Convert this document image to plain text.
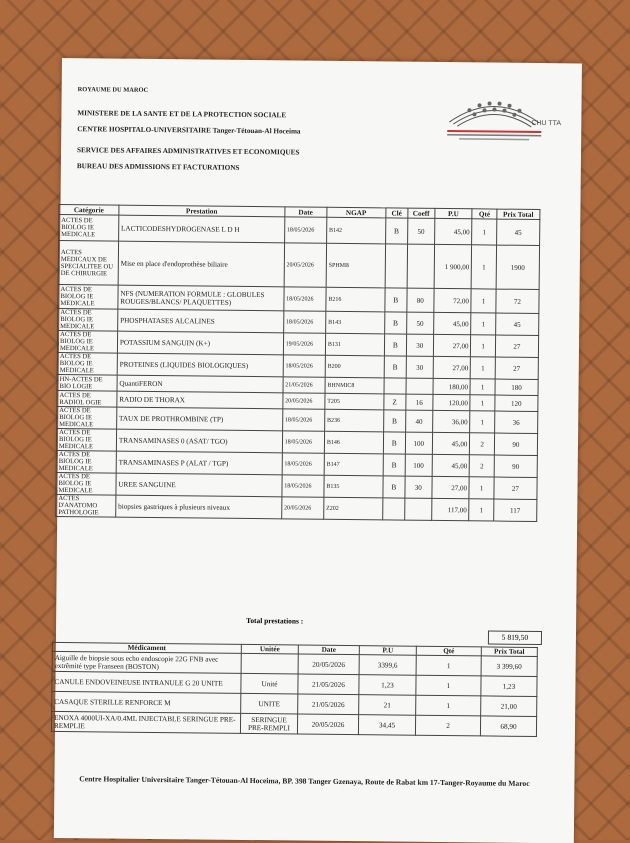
ROYAUME DU MAROC
MINISTERE DE LA SANTE ET DE LA PROTECTION SOCIALE
CENTRE HOSPITALO-UNIVERSITAIRE Tanger-Tétouan-Al Hoceima
SERVICE DES AFFAIRES ADMINISTRATIVES ET ECONOMIQUES
BUREAU DES ADMISSIONS ET FACTURATIONS
CHU TTA
Catégorie	Prestation	Date	NGAP	Clé	Coeff	P.U	Qté	Prix Total
ACTES DE BIOLOG IE MEDICALE	LACTICODESHYDROGENASE L D H	18/05/2026	B142	B	50	45,00	1	45
ACTES MEDICAUX DE SPECIALITEE OU DE CHIRURGIE	Mise en place d'endoprothèse biliaire	20/05/2026	SPHMB			1 900,00	1	1900
ACTES DE BIOLOG IE MEDICALE	NFS (NUMERATION FORMULE : GLOBULES ROUGES/BLANCS/ PLAQUETTES)	18/05/2026	B216	B	80	72,00	1	72
ACTES DE BIOLOG IE MEDICALE	PHOSPHATASES ALCALINES	18/05/2026	B143	B	50	45,00	1	45
ACTES DE BIOLOG IE MEDICALE	POTASSIUM SANGUIN (K+)	19/05/2026	B131	B	30	27,00	1	27
ACTES DE BIOLOG IE MEDICALE	PROTEINES (LIQUIDES BIOLOGIQUES)	18/05/2026	B200	B	30	27,00	1	27
HN-ACTES DE BIO LOGIE	QuantiFERON	21/05/2026	BHNMIC8			180,00	1	180
ACTES DE RADIOL OGIE	RADIO DE THORAX	20/05/2026	T205	Z	16	120,00	1	120
ACTES DE BIOLOG IE MEDICALE	TAUX DE PROTHROMBINE (TP)	18/05/2026	B236	B	40	36,00	1	36
ACTES DE BIOLOG IE MEDICALE	TRANSAMINASES 0 (ASAT/ TGO)	18/05/2026	B146	B	100	45,00	2	90
ACTES DE BIOLOG IE MEDICALE	TRANSAMINASES P (ALAT / TGP)	18/05/2026	B147	B	100	45,00	2	90
ACTES DE BIOLOG IE MEDICALE	UREE SANGUINE	18/05/2026	B135	B	30	27,00	1	27
ACTES D'ANATOMO PATHOLOGIE	biopsies gastriques à plusieurs niveaux	20/05/2026	Z202			117,00	1	117
Total prestations :
5 819,50
Médicament	Unitée	Date	P.U	Qté	Prix Total
Aiguille de biopsie sous echo endoscopie 22G FNB avec extrêmité type Franseen (BOSTON)		20/05/2026	3399,6	1	3 399,60
CANULE ENDOVEINEUSE INTRANULE G 20 UNITE	Unité	21/05/2026	1,23	1	1,23
CASAQUE STERILLE RENFORCE M	UNITE	21/05/2026	21	1	21,00
ENOXA 4000UI-XA/0.4ML INJECTABLE SERINGUE PRE-REMPLIE	SERINGUE PRE-REMPLI	20/05/2026	34,45	2	68,90
Centre Hospitalier Universitaire Tanger-Tétouan-Al Hoceima, BP. 398 Tanger Gzenaya, Route de Rabat km 17-Tanger-Royaume du Maroc
